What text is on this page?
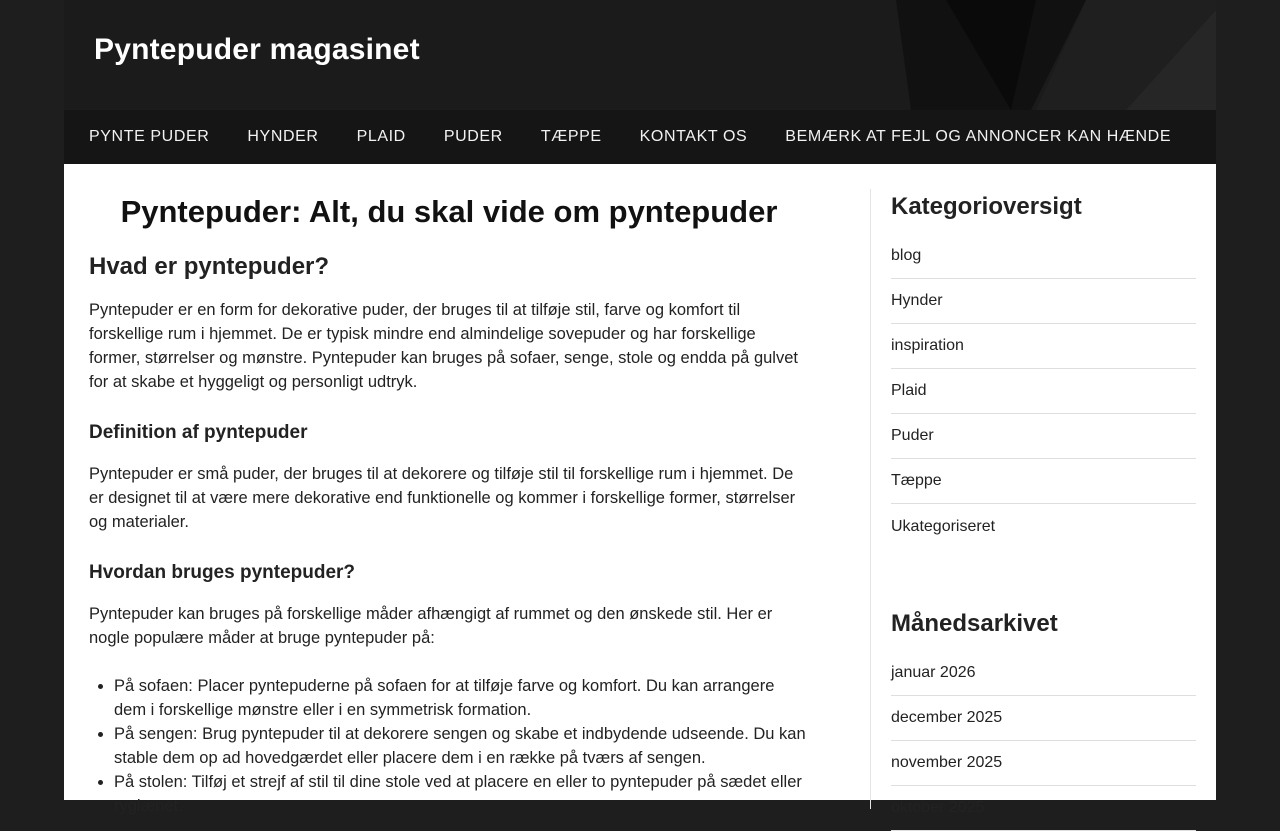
Pyntepuder magasinet
PYNTE PUDER HYNDER PLAID PUDER TÆPPE KONTAKT OS BEMÆRK AT FEJL OG ANNONCER KAN HÆNDE
Pyntepuder: Alt, du skal vide om pyntepuder
Hvad er pyntepuder?

Pyntepuder er en form for dekorative puder, der bruges til at tilføje stil, farve og komfort til forskellige rum i hjemmet. De er typisk mindre end almindelige sovepuder og har forskellige former, størrelser og mønstre. Pyntepuder kan bruges på sofaer, senge, stole og endda på gulvet for at skabe et hyggeligt og personligt udtryk.

Definition af pyntepuder

Pyntepuder er små puder, der bruges til at dekorere og tilføje stil til forskellige rum i hjemmet. De er designet til at være mere dekorative end funktionelle og kommer i forskellige former, størrelser og materialer.

Hvordan bruges pyntepuder?

Pyntepuder kan bruges på forskellige måder afhængigt af rummet og den ønskede stil. Her er nogle populære måder at bruge pyntepuder på:

• På sofaen: Placer pyntepuderne på sofaen for at tilføje farve og komfort. Du kan arrangere dem i forskellige mønstre eller i en symmetrisk formation.
• På sengen: Brug pyntepuder til at dekorere sengen og skabe et indbydende udseende. Du kan stable dem op ad hovedgærdet eller placere dem i en række på tværs af sengen.
• På stolen: Tilføj et strejf af stil til dine stole ved at placere en eller to pyntepuder på sædet eller ryglænet.
Kategorioversigt
blog
Hynder
inspiration
Plaid
Puder
Tæppe
Ukategoriseret
Månedsarkivet
januar 2026
december 2025
november 2025
oktober 2025
